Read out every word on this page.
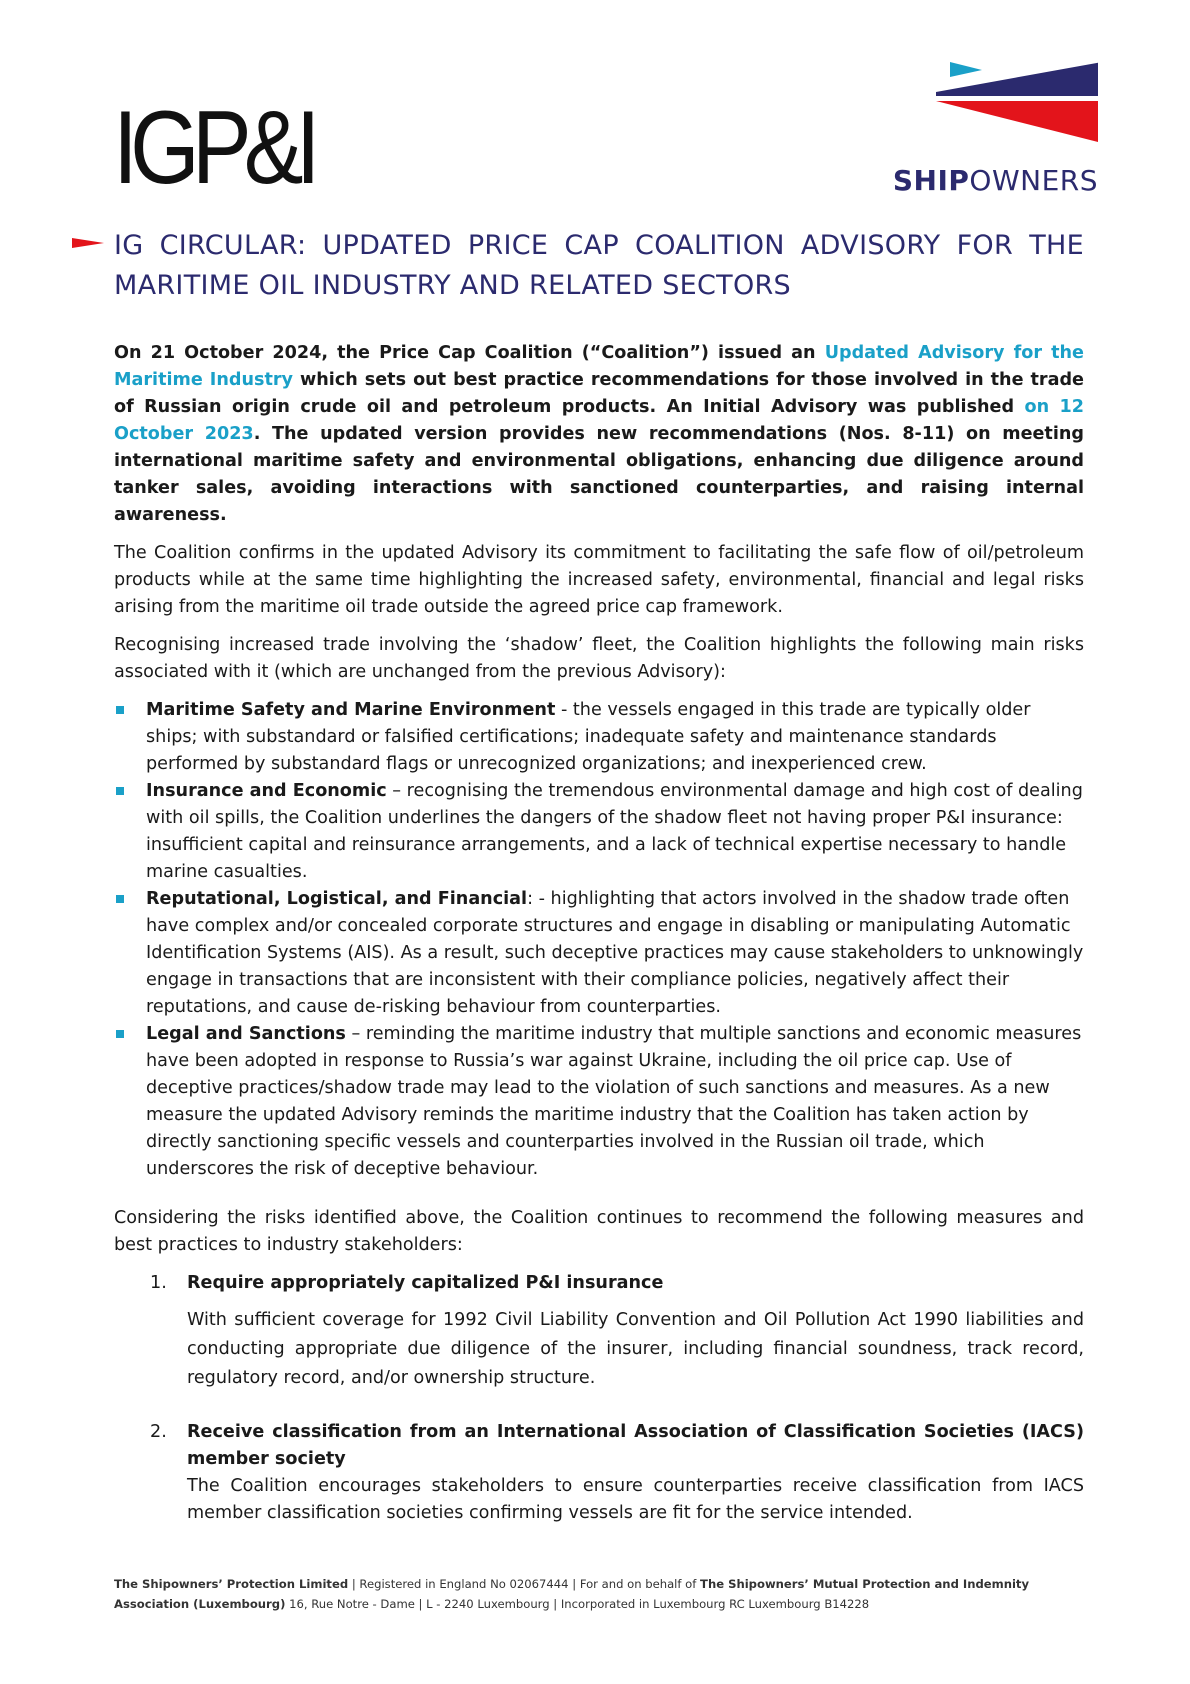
IGP&I	SHIPOWNERS
IG CIRCULAR: UPDATED PRICE CAP COALITION ADVISORY FOR THE
MARITIME OIL INDUSTRY AND RELATED SECTORS

On 21 October 2024, the Price Cap Coalition (“Coalition”) issued an Updated Advisory for the Maritime Industry which sets out best practice recommendations for those involved in the trade of Russian origin crude oil and petroleum products. An Initial Advisory was published on 12 October 2023. The updated version provides new recommendations (Nos. 8-11) on meeting international maritime safety and environmental obligations, enhancing due diligence around tanker sales, avoiding interactions with sanctioned counterparties, and raising internal awareness.

The Coalition confirms in the updated Advisory its commitment to facilitating the safe flow of oil/petroleum products while at the same time highlighting the increased safety, environmental, financial and legal risks arising from the maritime oil trade outside the agreed price cap framework.

Recognising increased trade involving the ‘shadow’ fleet, the Coalition highlights the following main risks associated with it (which are unchanged from the previous Advisory):

Maritime Safety and Marine Environment - the vessels engaged in this trade are typically older ships; with substandard or falsified certifications; inadequate safety and maintenance standards performed by substandard flags or unrecognized organizations; and inexperienced crew.
Insurance and Economic – recognising the tremendous environmental damage and high cost of dealing with oil spills, the Coalition underlines the dangers of the shadow fleet not having proper P&I insurance: insufficient capital and reinsurance arrangements, and a lack of technical expertise necessary to handle marine casualties.
Reputational, Logistical, and Financial: - highlighting that actors involved in the shadow trade often have complex and/or concealed corporate structures and engage in disabling or manipulating Automatic Identification Systems (AIS). As a result, such deceptive practices may cause stakeholders to unknowingly engage in transactions that are inconsistent with their compliance policies, negatively affect their reputations, and cause de-risking behaviour from counterparties.
Legal and Sanctions – reminding the maritime industry that multiple sanctions and economic measures have been adopted in response to Russia’s war against Ukraine, including the oil price cap. Use of deceptive practices/shadow trade may lead to the violation of such sanctions and measures. As a new measure the updated Advisory reminds the maritime industry that the Coalition has taken action by directly sanctioning specific vessels and counterparties involved in the Russian oil trade, which underscores the risk of deceptive behaviour.

Considering the risks identified above, the Coalition continues to recommend the following measures and best practices to industry stakeholders:

1. Require appropriately capitalized P&I insurance
With sufficient coverage for 1992 Civil Liability Convention and Oil Pollution Act 1990 liabilities and conducting appropriate due diligence of the insurer, including financial soundness, track record, regulatory record, and/or ownership structure.
2. Receive classification from an International Association of Classification Societies (IACS) member society
The Coalition encourages stakeholders to ensure counterparties receive classification from IACS member classification societies confirming vessels are fit for the service intended.
The Shipowners’ Protection Limited | Registered in England No 02067444 | For and on behalf of The Shipowners’ Mutual Protection and Indemnity Association (Luxembourg) 16, Rue Notre - Dame | L - 2240 Luxembourg | Incorporated in Luxembourg RC Luxembourg B14228
